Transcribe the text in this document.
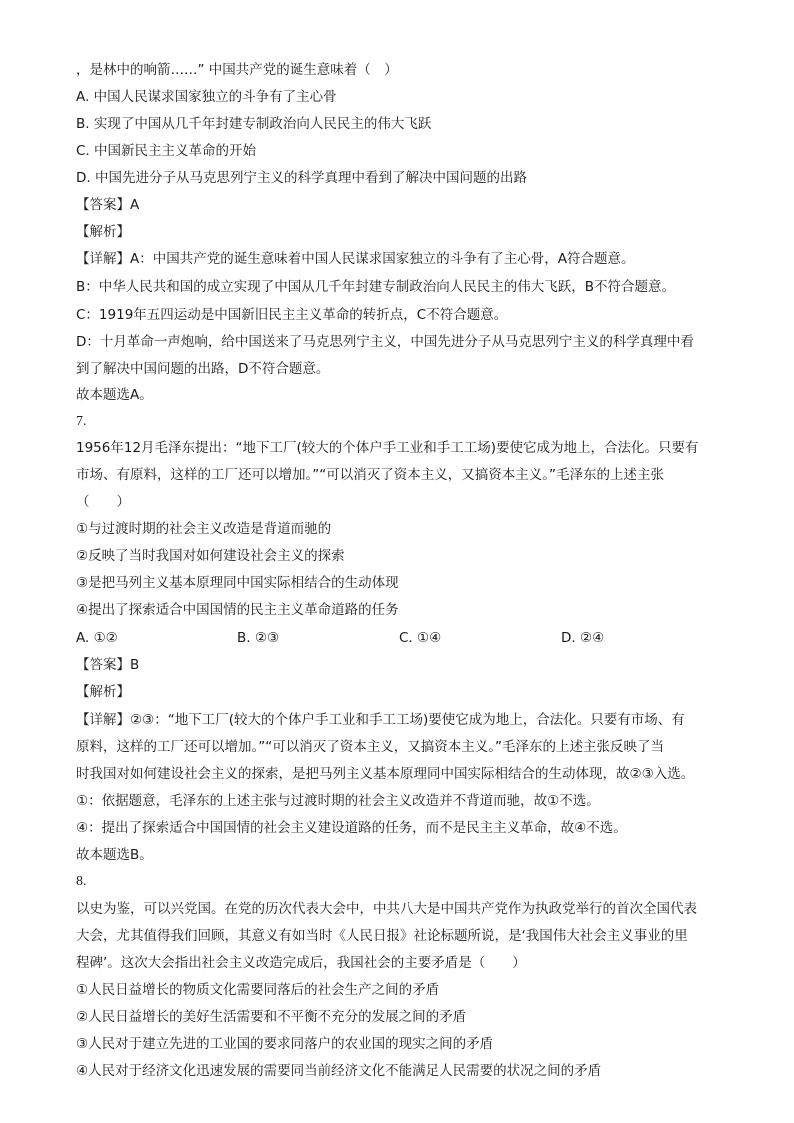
，是林中的响箭……” 中国共产党的诞生意味着（　）
A. 中国人民谋求国家独立的斗争有了主心骨
B. 实现了中国从几千年封建专制政治向人民民主的伟大飞跃
C. 中国新民主主义革命的开始
D. 中国先进分子从马克思列宁主义的科学真理中看到了解决中国问题的出路
【答案】A
【解析】
【详解】A：中国共产党的诞生意味着中国人民谋求国家独立的斗争有了主心骨，A符合题意。
B：中华人民共和国的成立实现了中国从几千年封建专制政治向人民民主的伟大飞跃，B不符合题意。
C：1919年五四运动是中国新旧民主主义革命的转折点，C不符合题意。
D：十月革命一声炮响，给中国送来了马克思列宁主义，中国先进分子从马克思列宁主义的科学真理中看
到了解决中国问题的出路，D不符合题意。
故本题选A。
7.
1956年12月毛泽东提出：“地下工厂(较大的个体户手工业和手工工场)要使它成为地上，合法化。只要有
市场、有原料，这样的工厂还可以增加。”“可以消灭了资本主义，又搞资本主义。”毛泽东的上述主张
（　　）
①与过渡时期的社会主义改造是背道而驰的
②反映了当时我国对如何建设社会主义的探索
③是把马列主义基本原理同中国实际相结合的生动体现
④提出了探索适合中国国情的民主主义革命道路的任务
A. ①②	B. ②③	C. ①④	D. ②④
【答案】B
【解析】
【详解】②③：“地下工厂(较大的个体户手工业和手工工场)要使它成为地上，合法化。只要有市场、有
原料，这样的工厂还可以增加。”“可以消灭了资本主义，又搞资本主义。”毛泽东的上述主张反映了当
时我国对如何建设社会主义的探索，是把马列主义基本原理同中国实际相结合的生动体现，故②③入选。
①：依据题意，毛泽东的上述主张与过渡时期的社会主义改造并不背道而驰，故①不选。
④：提出了探索适合中国国情的社会主义建设道路的任务，而不是民主主义革命，故④不选。
故本题选B。
8.
以史为鉴，可以兴党国。在党的历次代表大会中，中共八大是中国共产党作为执政党举行的首次全国代表
大会，尤其值得我们回顾，其意义有如当时《人民日报》社论标题所说，是‘我国伟大社会主义事业的里
程碑’。这次大会指出社会主义改造完成后，我国社会的主要矛盾是（　　）
①人民日益增长的物质文化需要同落后的社会生产之间的矛盾
②人民日益增长的美好生活需要和不平衡不充分的发展之间的矛盾
③人民对于建立先进的工业国的要求同落户的农业国的现实之间的矛盾
④人民对于经济文化迅速发展的需要同当前经济文化不能满足人民需要的状况之间的矛盾
